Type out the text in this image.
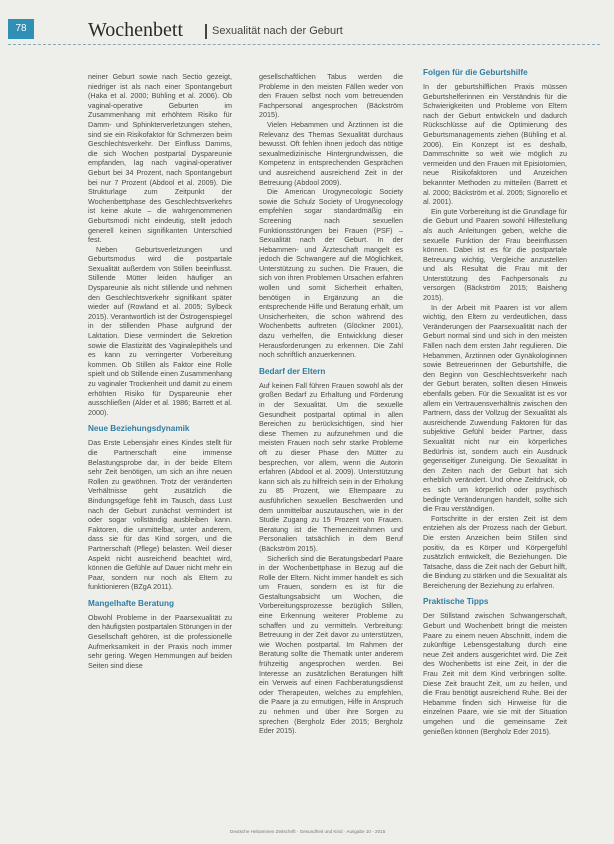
78	Wochenbett	Sexualität nach der Geburt

neiner Geburt sowie nach Sectio gezeigt, niedriger ist als nach einer Spontangeburt (Haka et al. 2000; Bühling et al. 2006). Ob vaginal-operative Geburten im Zusammenhang mit erhöhtem Risiko für Damm- und Sphinkterverletzungen stehen, sind sie ein Risikofaktor für Schmerzen beim Geschlechtsverkehr. Der Einfluss Damms, die sich Wochen postpartal Dyspareunie empfanden, lag nach vaginal-operativer Geburt bei 34 Prozent, nach Spontangeburt bei nur 7 Prozent (Abdool et al. 2009). Die Strukturlage zum Zeitpunkt der Wochenbettphase des Geschlechtsverkehrs ist keine akute – die wahrgenommenen Geburtsmodi nicht eindeutig, stellt jedoch generell keinen signifikanten Unterschied fest.

Neben Geburtsverletzungen und Geburtsmodus wird die postpartale Sexualität außerdem von Stillen beeinflusst. Stillende Mütter leiden häufiger an Dyspareunie als nicht stillende und nehmen den Geschlechtsverkehr signifikant später wieder auf (Rowland et al. 2005; Sylbeck 2015). Verantwortlich ist der Östrogenspiegel in der stillenden Phase aufgrund der Laktation. Diese vermindert die Sekretion sowie die Elastizität des Vaginalepithels und es kann zu verringerter Vorbereitung kommen. Ob Stillen als Faktor eine Rolle spielt und ob Stillende einen Zusammenhang zu vaginaler Trockenheit und damit zu einem erhöhten Risiko für Dyspareunie eher ausschließen (Alder et al. 1986; Barrett et al. 2000).

Neue Beziehungsdynamik

Das Erste Lebensjahr eines Kindes stellt für die Partnerschaft eine immense Belastungsprobe dar, in der beide Eltern sehr Zeit benötigen, um sich an ihre neuen Rollen zu gewöhnen. Trotz der veränderten Verhältnisse geht zusätzlich die Bindungsgefüge fehlt im Tausch, dass Lust nach der Geburt zunächst vermindert ist oder sogar vollständig ausbleiben kann. Faktoren, die unmittelbar, unter anderem, dass sie für das Kind sorgen, und die Partnerschaft (Pflege) belasten. Weil dieser Aspekt nicht ausreichend beachtet wird, können die Gefühle auf Dauer nicht mehr ein Paar, sondern nur noch als Eltern zu funktionieren (BZgA 2011).

Mangelhafte Beratung

Obwohl Probleme in der Paarsexualität zu den häufigsten postpartalen Störungen in der Gesellschaft gehören, ist die professionelle Aufmerksamkeit in der Praxis noch immer sehr gering. Wegen Hemmungen auf beiden Seiten sind diese

gesellschaftlichen Tabus werden die Probleme in den meisten Fällen weder von den Frauen selbst noch vom betreuenden Fachpersonal angesprochen (Bäckström 2015).

Vielen Hebammen und Ärztinnen ist die Relevanz des Themas Sexualität durchaus bewusst. Oft fehlen ihnen jedoch das nötige sexualmedizinische Hintergrundwissen, die Kompetenz in entsprechenden Gesprächen und ausreichend ausreichend Zeit in der Betreuung (Abdool 2009).

Die American Urogynecologic Society sowie die Schulz Society of Urogynecology empfehlen sogar standardmäßig ein Screening nach sexuellen Funktionsstörungen bei Frauen (PSF) – Sexualität nach der Geburt. In der Hebammen- und Ärzteschaft mangelt es jedoch die Schwangere auf die Möglichkeit, Unterstützung zu suchen. Die Frauen, die sich von ihren Problemen Ursachen erfahren wollen und somit Sicherheit erhalten, benötigen in Ergänzung an die entsprechende Hilfe und Beratung erhält, um Unsicherheiten, die schon während des Wochenbetts auftreten (Glöckner 2001), dazu verhelfen, die Entwicklung dieser Herausforderungen zu erkennen. Die Zahl noch schriftlich anzuerkennen.

Bedarf der Eltern

Auf keinen Fall führen Frauen sowohl als der großen Bedarf zu Erhaltung und Förderung in der Sexualität. Um die sexuelle Gesundheit postpartal optimal in allen Bereichen zu berücksichtigen, sind hier diese Themen zu aufzunehmen und die meisten Frauen noch sehr starke Probleme oft zu dieser Phase den Mütter zu besprechen, vor allem, wenn die Autorin erfahren (Abdool et al. 2009). Unterstützung kann sich als zu hilfreich sein in der Erholung zu 85 Prozent, wie Elternpaare zu ausführlichen sexuellen Beschwerden und dem unmittelbar auszutauschen, wie in der Studie Zugang zu 15 Prozent von Frauen. Beratung ist die Themenzeitrahmen und Personalien tatsächlich in dem Beruf (Bäckström 2015).

Sicherlich sind die Beratungsbedarf Paare in der Wochenbettphase in Bezug auf die Rolle der Eltern. Nicht immer handelt es sich um Frauen, sondern es ist für die Gestaltungsabsicht um Wochen, die Vorbereitungsprozesse bezüglich Stillen, eine Erkennung weiterer Probleme zu schaffen und zu vermitteln. Verbreitung: Betreuung in der Zeit davor zu unterstützen, wie Wochen postpartal. Im Rahmen der Beratung sollte die Thematik unter anderem frühzeitig angesprochen werden. Bei Interesse an zusätzlichen Beratungen hilft ein Verweis auf einen Fachberatungsdienst oder Therapeuten, welches zu empfehlen, die Paare ja zu ermutigen, Hilfe in Anspruch zu nehmen und über ihre Sorgen zu sprechen (Bergholz Eder 2015; Bergholz Eder 2015).

Folgen für die Geburtshilfe

In der geburtshilflichen Praxis müssen Geburtshelferinnen ein Verständnis für die Schwierigkeiten und Probleme von Eltern nach der Geburt entwickeln und dadurch Rückschlüsse auf die Optimierung des Geburtsmanagements ziehen (Bühling et al. 2006). Ein Konzept ist es deshalb, Dammschnitte so weit wie möglich zu vermeiden und den Frauen mit Episiotomien, neue Risikofaktoren und Anzeichen bekannter Methoden zu mitteilen (Barrett et al. 2000; Bäckström et al. 2005; Signorello et al. 2001).

Ein gute Vorbereitung ist die Grundlage für die Geburt und Paaren sowohl Hilfestellung als auch Anleitungen geben, welche die sexuelle Funktion der Frau beeinflussen können. Dabei ist es für die postpartale Betreuung wichtig, Vergleiche anzustellen und als Resultat die Frau mit der Unterstützung des Fachpersonals zu versorgen (Bäckström 2015; Baisheng 2015).

In der Arbeit mit Paaren ist vor allem wichtig, den Eltern zu verdeutlichen, dass Veränderungen der Paarsexualität nach der Geburt normal sind und sich in den meisten Fällen nach dem ersten Jahr regulieren. Die Hebammen, Ärztinnen oder Gynäkologinnen sowie Betreuerinnen der Geburtshilfe, die den Beginn von Geschlechtsverkehr nach der Geburt beraten, sollten diesen Hinweis ebenfalls geben. Für die Sexualität ist es vor allem ein Vertrauensverhältnis zwischen den Partnern, dass der Vollzug der Sexualität als ausreichende Zuwendung Faktoren für das subjektive Gefühl beider Partner, dass Sexualität nicht nur ein körperliches Bedürfnis ist, sondern auch ein Ausdruck gegenseitiger Zuneigung. Die Sexualität in den Zeiten nach der Geburt hat sich erheblich verändert. Und ohne Zeitdruck, ob es sich um körperlich oder psychisch bedingte Veränderungen handelt, sollte sich die Frau verständigen.

Fortschritte in der ersten Zeit ist dem entziehen als der Prozess nach der Geburt. Die ersten Anzeichen beim Stillen sind positiv, da es Körper und Körpergefühl zusätzlich entwickelt, die Beziehungen. Die Tatsache, dass die Zeit nach der Geburt hilft, die Bindung zu stärken und die Sexualität als Bereicherung der Beziehung zu erfahren.

Praktische Tipps

Der Stillstand zwischen Schwangerschaft, Geburt und Wochenbett bringt die meisten Paare zu einem neuen Abschnitt, indem die zukünftige Lebensgestaltung durch eine neue Zeit anders ausgerichtet wird. Die Zeit des Wochenbetts ist eine Zeit, in der die Frau Zeit mit dem Kind verbringen sollte. Diese Zeit braucht Zeit, um zu heilen, und die Frau benötigt ausreichend Ruhe. Bei der Hebamme finden sich Hinweise für die einzelnen Paare, wie sie mit der Situation umgehen und die gemeinsame Zeit genießen können (Bergholz Eder 2015).

Deutsche Hebammen Zeitschrift · Gesundheit und Kind · Ausgabe 10 · 2015
